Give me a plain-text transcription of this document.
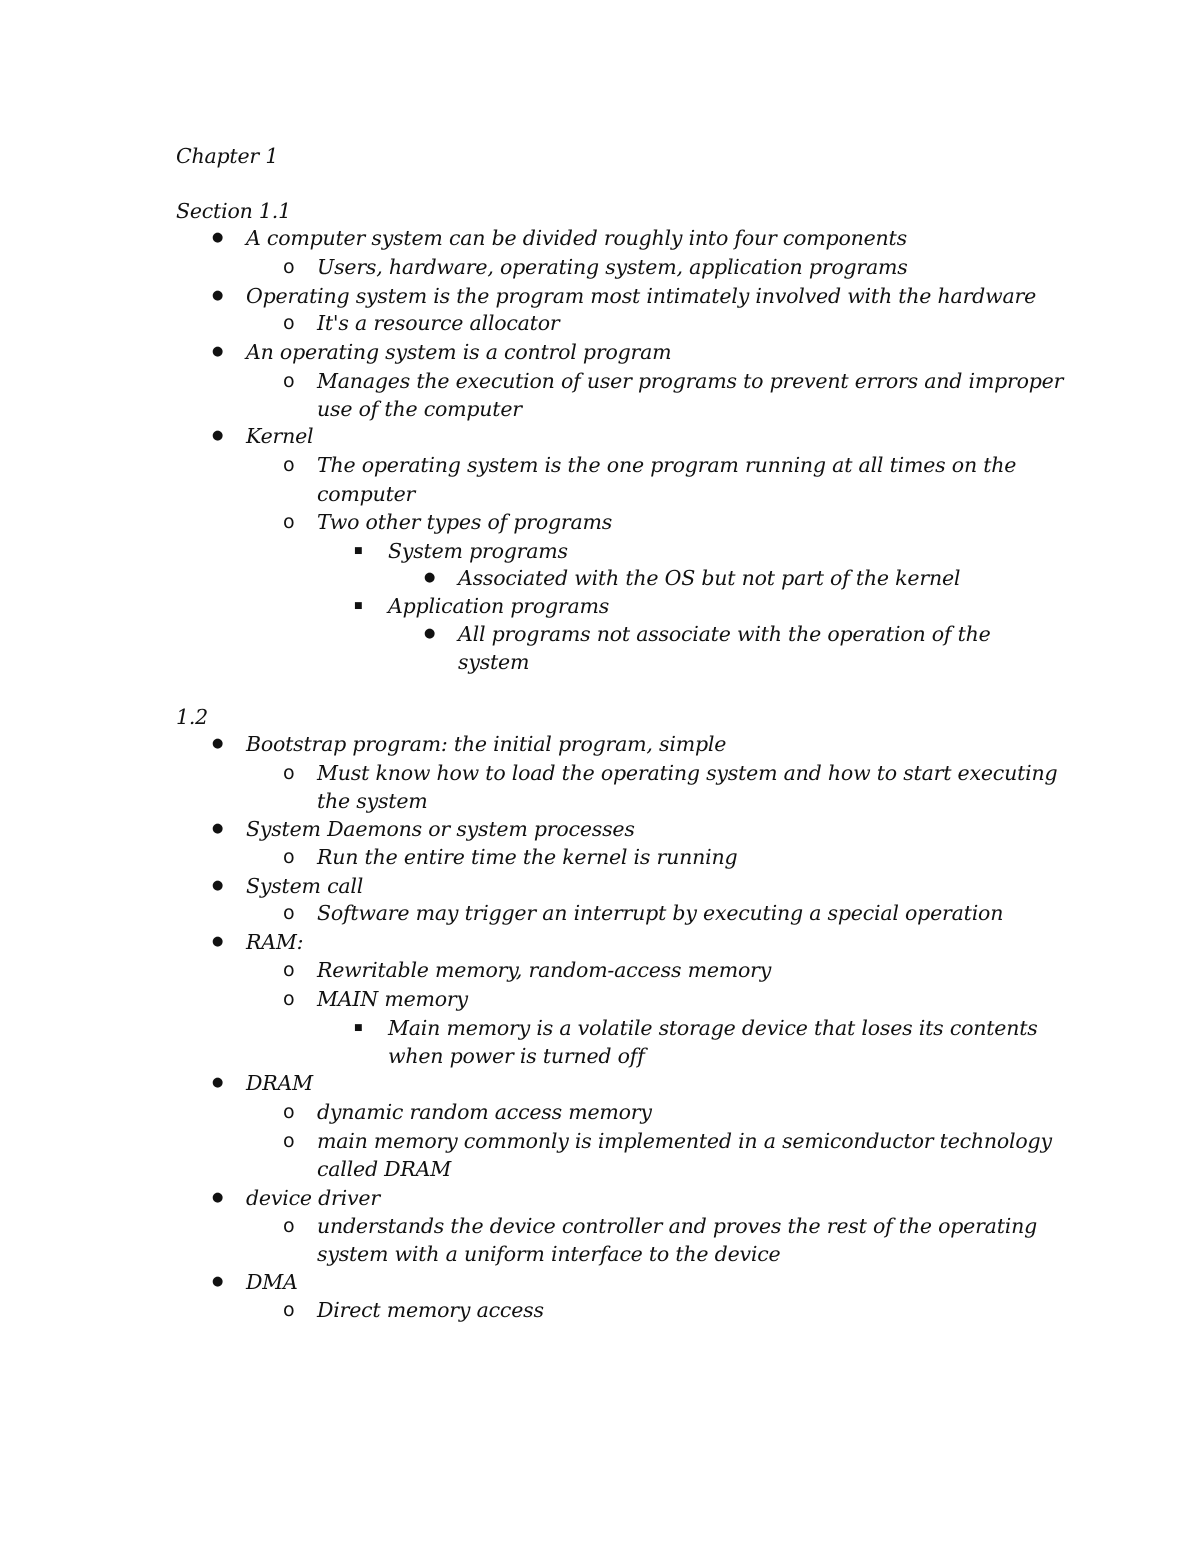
Chapter 1
Section 1.1
● A computer system can be divided roughly into four components
o Users, hardware, operating system, application programs
● Operating system is the program most intimately involved with the hardware
o It's a resource allocator
● An operating system is a control program
o Manages the execution of user programs to prevent errors and improper
use of the computer
● Kernel
o The operating system is the one program running at all times on the
computer
o Two other types of programs
■ System programs
● Associated with the OS but not part of the kernel
■ Application programs
● All programs not associate with the operation of the
system
1.2
● Bootstrap program: the initial program, simple
o Must know how to load the operating system and how to start executing
the system
● System Daemons or system processes
o Run the entire time the kernel is running
● System call
o Software may trigger an interrupt by executing a special operation
● RAM:
o Rewritable memory, random-access memory
o MAIN memory
■ Main memory is a volatile storage device that loses its contents
when power is turned off
● DRAM
o dynamic random access memory
o main memory commonly is implemented in a semiconductor technology
called DRAM
● device driver
o understands the device controller and proves the rest of the operating
system with a uniform interface to the device
● DMA
o Direct memory access
